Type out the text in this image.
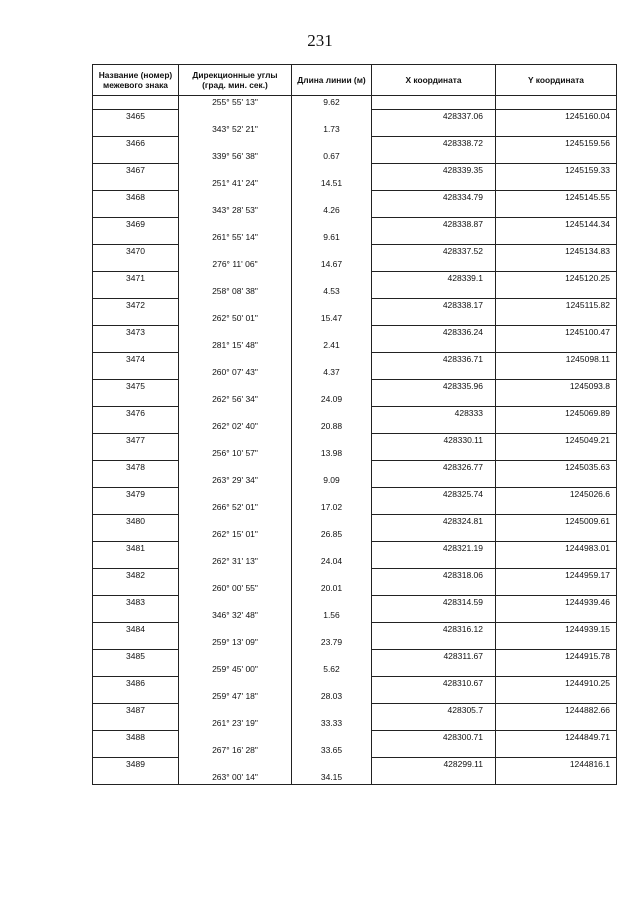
231
Название (номер) межевого знака	Дирекционные углы (град. мин. сек.)	Длина линии (м)	X координата	Y координата
	255° 55' 13"	9.62		
3465			428337.06	1245160.04
	343° 52' 21"	1.73		
3466			428338.72	1245159.56
	339° 56' 38"	0.67		
3467			428339.35	1245159.33
	251° 41' 24"	14.51		
3468			428334.79	1245145.55
	343° 28' 53"	4.26		
3469			428338.87	1245144.34
	261° 55' 14"	9.61		
3470			428337.52	1245134.83
	276° 11' 06"	14.67		
3471			428339.1	1245120.25
	258° 08' 38"	4.53		
3472			428338.17	1245115.82
	262° 50' 01"	15.47		
3473			428336.24	1245100.47
	281° 15' 48"	2.41		
3474			428336.71	1245098.11
	260° 07' 43"	4.37		
3475			428335.96	1245093.8
	262° 56' 34"	24.09		
3476			428333	1245069.89
	262° 02' 40"	20.88		
3477			428330.11	1245049.21
	256° 10' 57"	13.98		
3478			428326.77	1245035.63
	263° 29' 34"	9.09		
3479			428325.74	1245026.6
	266° 52' 01"	17.02		
3480			428324.81	1245009.61
	262° 15' 01"	26.85		
3481			428321.19	1244983.01
	262° 31' 13"	24.04		
3482			428318.06	1244959.17
	260° 00' 55"	20.01		
3483			428314.59	1244939.46
	346° 32' 48"	1.56		
3484			428316.12	1244939.15
	259° 13' 09"	23.79		
3485			428311.67	1244915.78
	259° 45' 00"	5.62		
3486			428310.67	1244910.25
	259° 47' 18"	28.03		
3487			428305.7	1244882.66
	261° 23' 19"	33.33		
3488			428300.71	1244849.71
	267° 16' 28"	33.65		
3489			428299.11	1244816.1
	263° 00' 14"	34.15		
